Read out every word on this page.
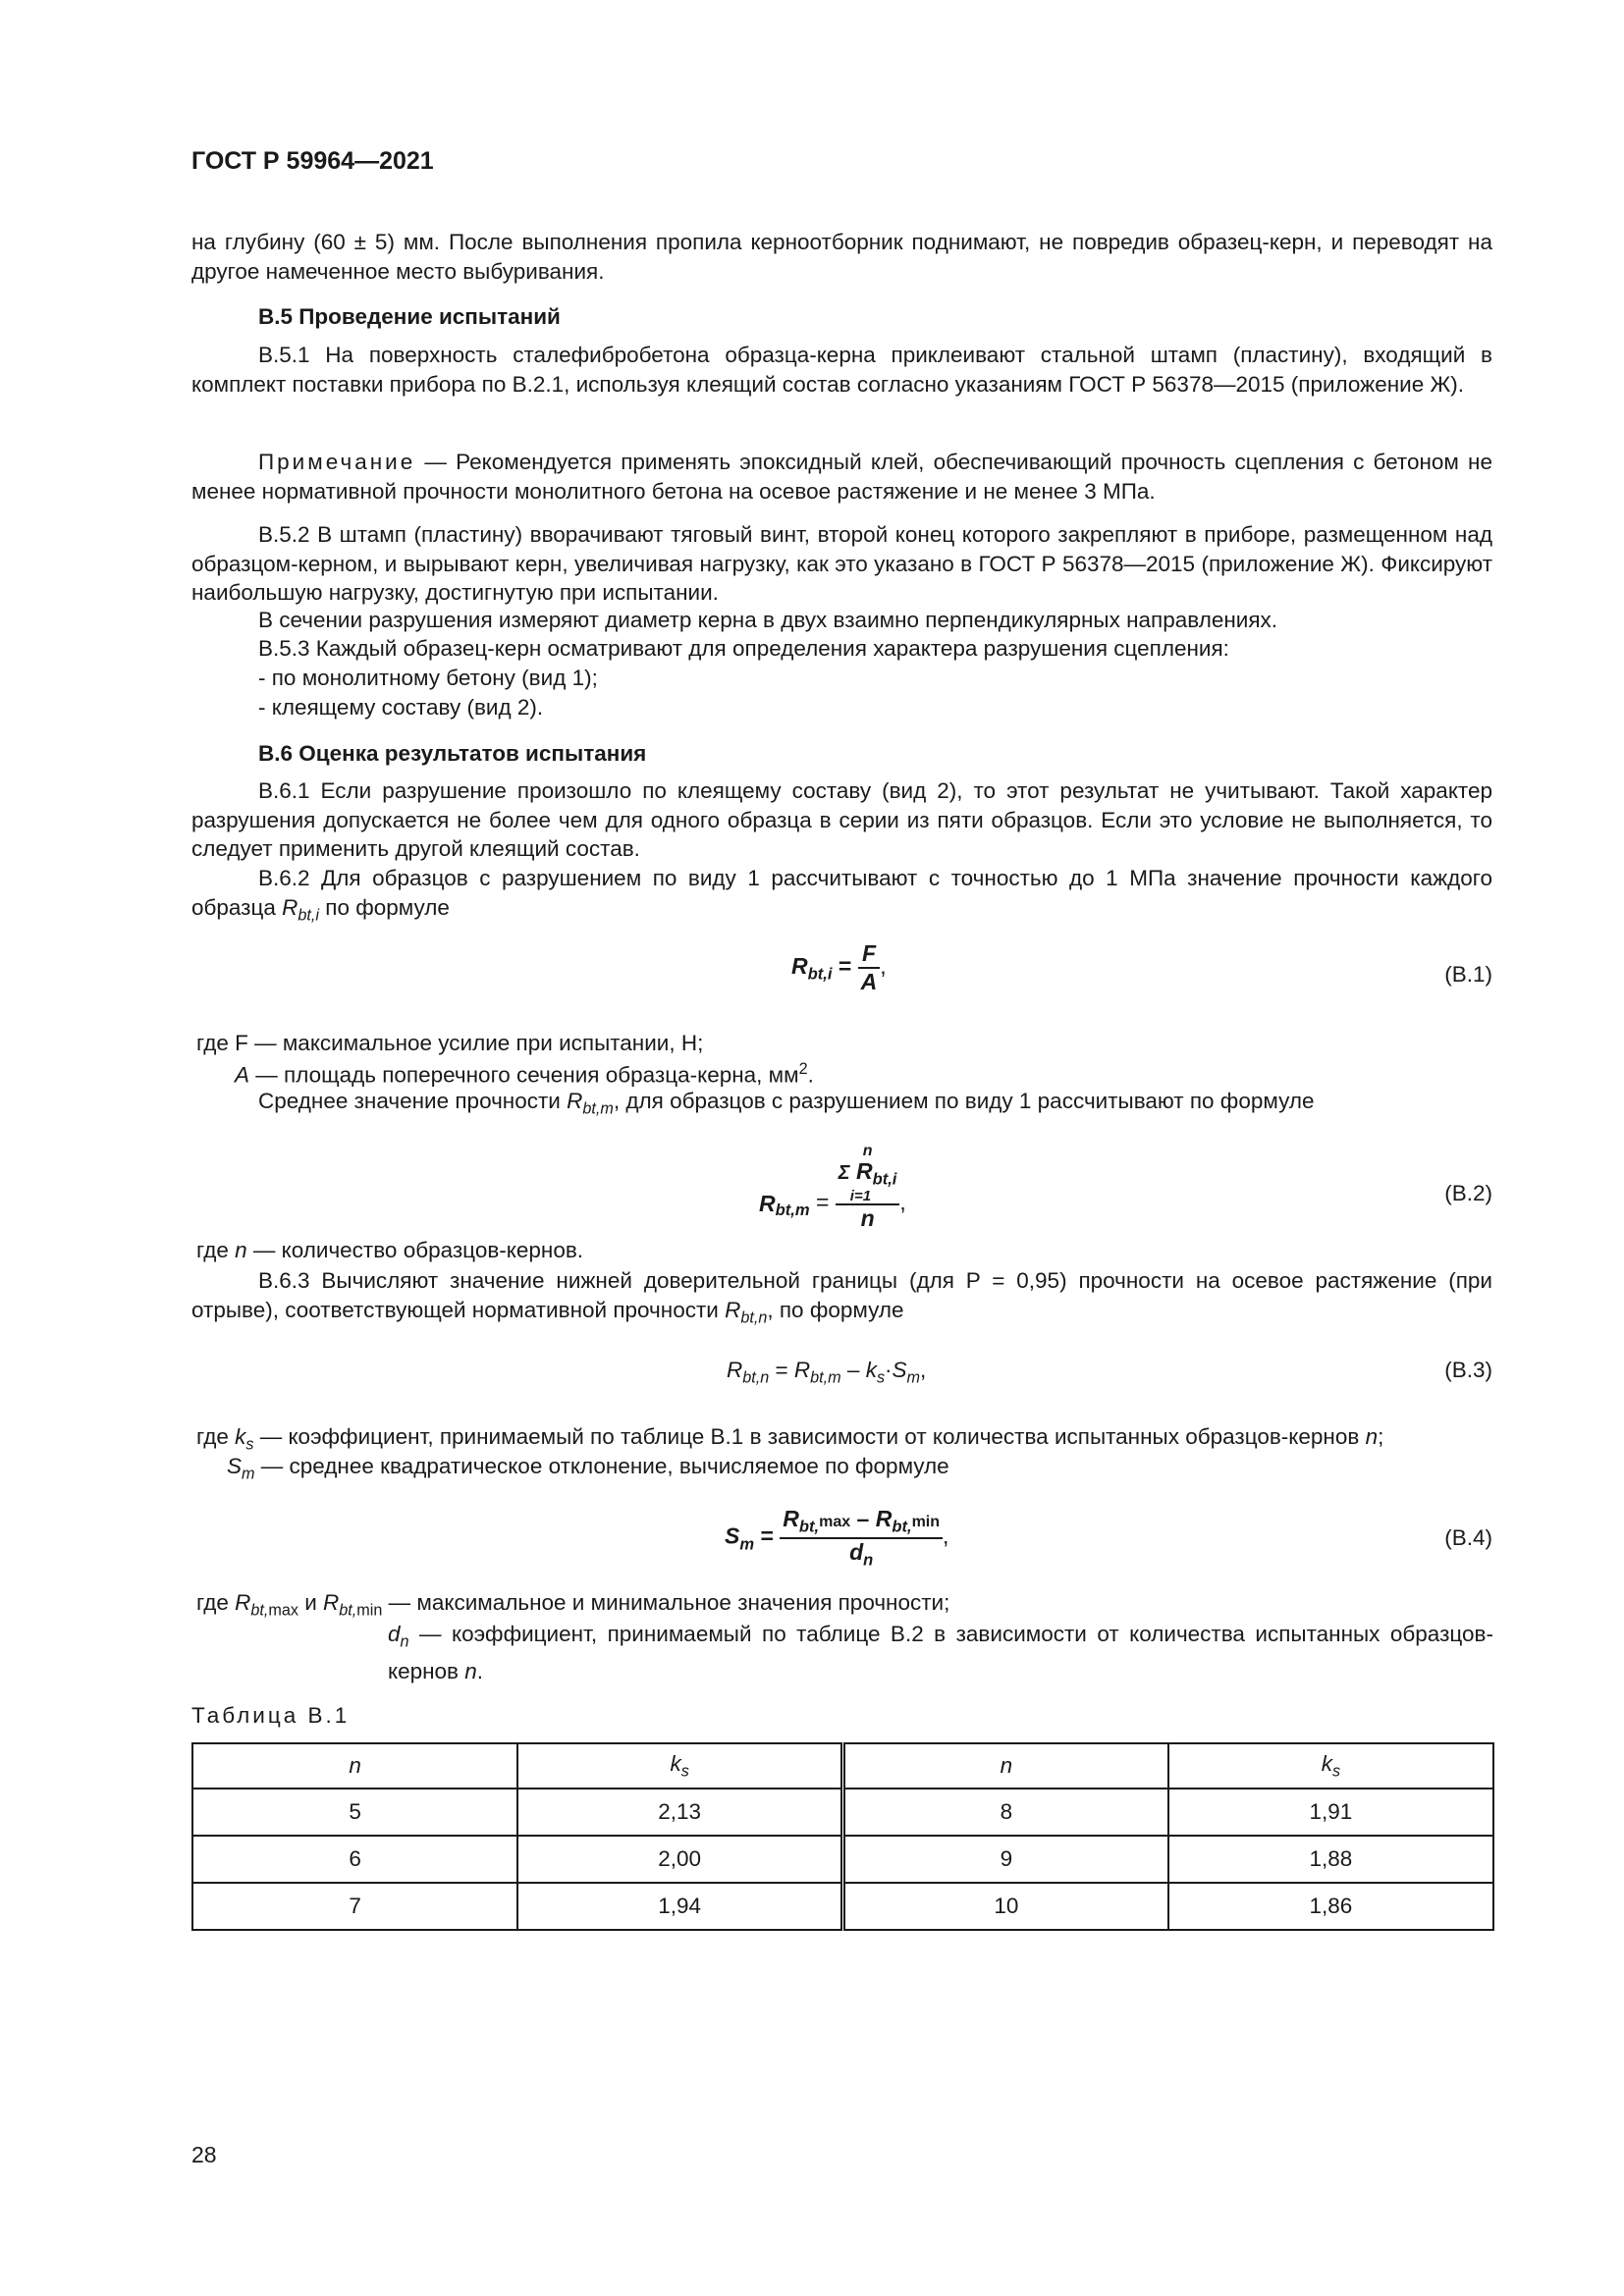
ГОСТ Р 59964—2021
на глубину (60 ± 5) мм. После выполнения пропила керноотборник поднимают, не повредив образец-керн, и переводят на другое намеченное место выбуривания.
В.5 Проведение испытаний
В.5.1 На поверхность сталефибробетона образца-керна приклеивают стальной штамп (пластину), входящий в комплект поставки прибора по В.2.1, используя клеящий состав согласно указаниям ГОСТ Р 56378—2015 (приложение Ж).
Примечание — Рекомендуется применять эпоксидный клей, обеспечивающий прочность сцепления с бетоном не менее нормативной прочности монолитного бетона на осевое растяжение и не менее 3 МПа.
В.5.2 В штамп (пластину) вворачивают тяговый винт, второй конец которого закрепляют в приборе, размещенном над образцом-керном, и вырывают керн, увеличивая нагрузку, как это указано в ГОСТ Р 56378—2015 (приложение Ж). Фиксируют наибольшую нагрузку, достигнутую при испытании.
В сечении разрушения измеряют диаметр керна в двух взаимно перпендикулярных направлениях.
В.5.3 Каждый образец-керн осматривают для определения характера разрушения сцепления:
- по монолитному бетону (вид 1);
- клеящему составу (вид 2).
В.6 Оценка результатов испытания
В.6.1 Если разрушение произошло по клеящему составу (вид 2), то этот результат не учитывают. Такой характер разрушения допускается не более чем для одного образца в серии из пяти образцов. Если это условие не выполняется, то следует применить другой клеящий состав.
В.6.2 Для образцов с разрушением по виду 1 рассчитывают с точностью до 1 МПа значение прочности каждого образца $R_{bt,i}$ по формуле
$R_{bt,i} = \frac{F}{A}$ ,	(В.1)
где F — максимальное усилие при испытании, Н;
A — площадь поперечного сечения образца-керна, $мм^2$.
Среднее значение прочности $R_{bt,m}$, для образцов с разрушением по виду 1 рассчитывают по формуле
$R_{bt,m} = n$
Σ $R_{bt,i}$
i=1
n ,	(В.2)
где n — количество образцов-кернов.
В.6.3 Вычисляют значение нижней доверительной границы (для P = 0,95) прочности на осевое растяжение (при отрыве), соответствующей нормативной прочности $R_{bt,n}$, по формуле
$R_{bt,n} = R_{bt,m} - k_s\cdot S_m$,	(В.3)
где $k_s$ — коэффициент, принимаемый по таблице В.1 в зависимости от количества испытанных образцов-кернов n;
$S_m$ — среднее квадратическое отклонение, вычисляемое по формуле
$S_m = \frac{R_{bt,}\max - R_{bt,}\min}{d_n}$ ,	(В.4)
где $R_{bt,max}$ и $R_{bt,min}$ — максимальное и минимальное значения прочности;
$d_n$ — коэффициент, принимаемый по таблице В.2 в зависимости от количества испытанных образцов-кернов n.
Таблица В.1
n	$k_s$	n	$k_s$
5	2,13	8	1,91
6	2,00	9	1,88
7	1,94	10	1,86
28
